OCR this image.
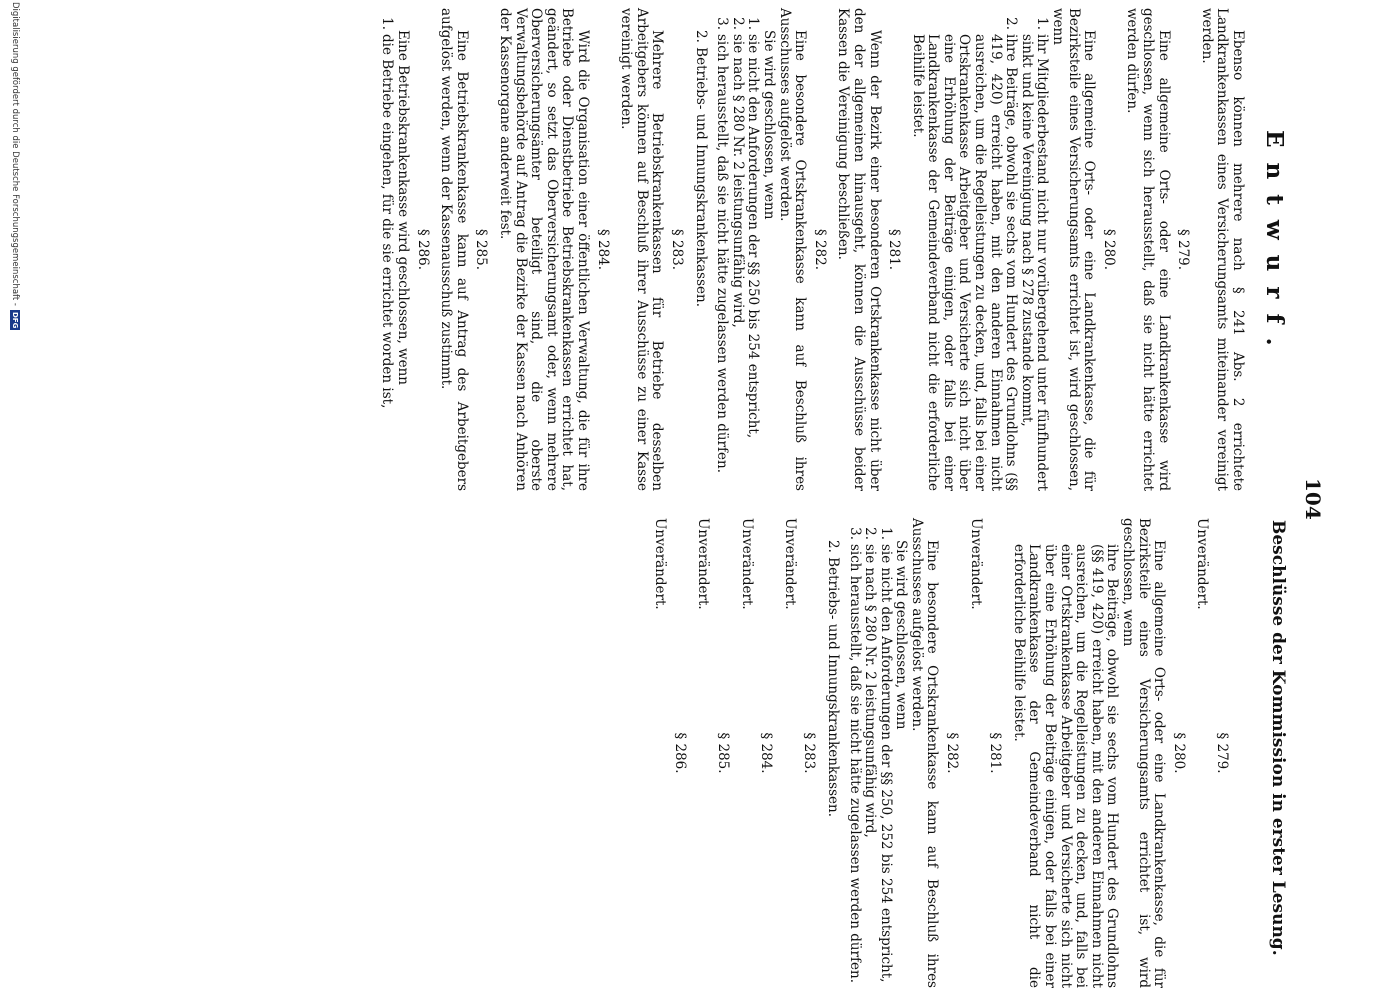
104
Entwurf.
Beschlüsse der Kommission in erster Lesung.

Ebenso können mehrere nach § 241 Abs. 2 errichtete Landkrankenkassen eines Versicherungsamts miteinander vereinigt werden.

§ 279.

Eine allgemeine Orts- oder eine Landkrankenkasse wird geschlossen, wenn sich herausstellt, daß sie nicht hätte errichtet werden dürfen.

§ 280.

Eine allgemeine Orts- oder eine Landkrankenkasse, die für Bezirksteile eines Versicherungsamts errichtet ist, wird geschlossen, wenn

1.
ihr Mitgliederbestand nicht nur vorübergehend unter fünfhundert sinkt und keine Vereinigung nach § 278 zustande kommt,
2.
ihre Beiträge, obwohl sie sechs vom Hundert des Grundlohns (§§ 419, 420) erreicht haben, mit den anderen Einnahmen nicht ausreichen, um die Regelleistungen zu decken, und, falls bei einer Ortskrankenkasse Arbeitgeber und Versicherte sich nicht über eine Erhöhung der Beiträge einigen, oder falls bei einer Landkrankenkasse der Gemeindeverband nicht die erforderliche Beihilfe leistet.

§ 281.

Wenn der Bezirk einer besonderen Ortskrankenkasse nicht über den der allgemeinen hinausgeht, können die Ausschüsse beider Kassen die Vereinigung beschließen.

§ 282.

Eine besondere Ortskrankenkasse kann auf Beschluß ihres Ausschusses aufgelöst werden.

Sie wird geschlossen, wenn

1.
sie nicht den Anforderungen der §§ 250 bis 254 entspricht,
2.
sie nach § 280 Nr. 2 leistungsunfähig wird,
3.
sich herausstellt, daß sie nicht hätte zugelassen werden dürfen.

2. Betriebs- und Innungskrankenkassen.

§ 283.

Mehrere Betriebskrankenkassen für Betriebe desselben Arbeitgebers können auf Beschluß ihrer Ausschüsse zu einer Kasse vereinigt werden.

§ 284.

Wird die Organisation einer öffentlichen Verwaltung, die für ihre Betriebe oder Dienstbetriebe Betriebskrankenkassen errichtet hat, geändert, so setzt das Oberversicherungsamt oder, wenn mehrere Oberversicherungsämter beteiligt sind, die oberste Verwaltungsbehörde auf Antrag die Bezirke der Kassen nach Anhören der Kassenorgane anderweit fest.

§ 285.

Eine Betriebskrankenkasse kann auf Antrag des Arbeitgebers aufgelöst werden, wenn der Kassenausschuß zustimmt.

§ 286.

Eine Betriebskrankenkasse wird geschlossen, wenn

1.
die Betriebe eingehen, für die sie errichtet worden ist,

§ 279.

Unverändert.

§ 280.

Eine allgemeine Orts- oder eine Landkrankenkasse, die für Bezirksteile eines Versicherungsamts errichtet ist, wird geschlossen, wenn

ihre Beiträge, obwohl sie sechs vom Hundert des Grundlohns (§§ 419, 420) erreicht haben, mit den anderen Einnahmen nicht ausreichen, um die Regelleistungen zu decken, und, falls bei einer Ortskrankenkasse Arbeitgeber und Versicherte sich nicht über eine Erhöhung der Beiträge einigen, oder falls bei einer Landkrankenkasse der Gemeindeverband nicht die erforderliche Beihilfe leistet.

§ 281.

Unverändert.

§ 282.

Eine besondere Ortskrankenkasse kann auf Beschluß ihres Ausschusses aufgelöst werden.

Sie wird geschlossen, wenn

1.
sie nicht den Anforderungen der §§ 250, 252 bis 254 entspricht,
2.
sie nach § 280 Nr. 2 leistungsunfähig wird,
3.
sich herausstellt, daß sie nicht hätte zugelassen werden dürfen.

2. Betriebs- und Innungskrankenkassen.

§ 283.

Unverändert.

§ 284.

Unverändert.

§ 285.

Unverändert.

§ 286.

Unverändert.

Digitalisierung gefördert durch die Deutsche Forschungsgemeinschaft -
DFG
